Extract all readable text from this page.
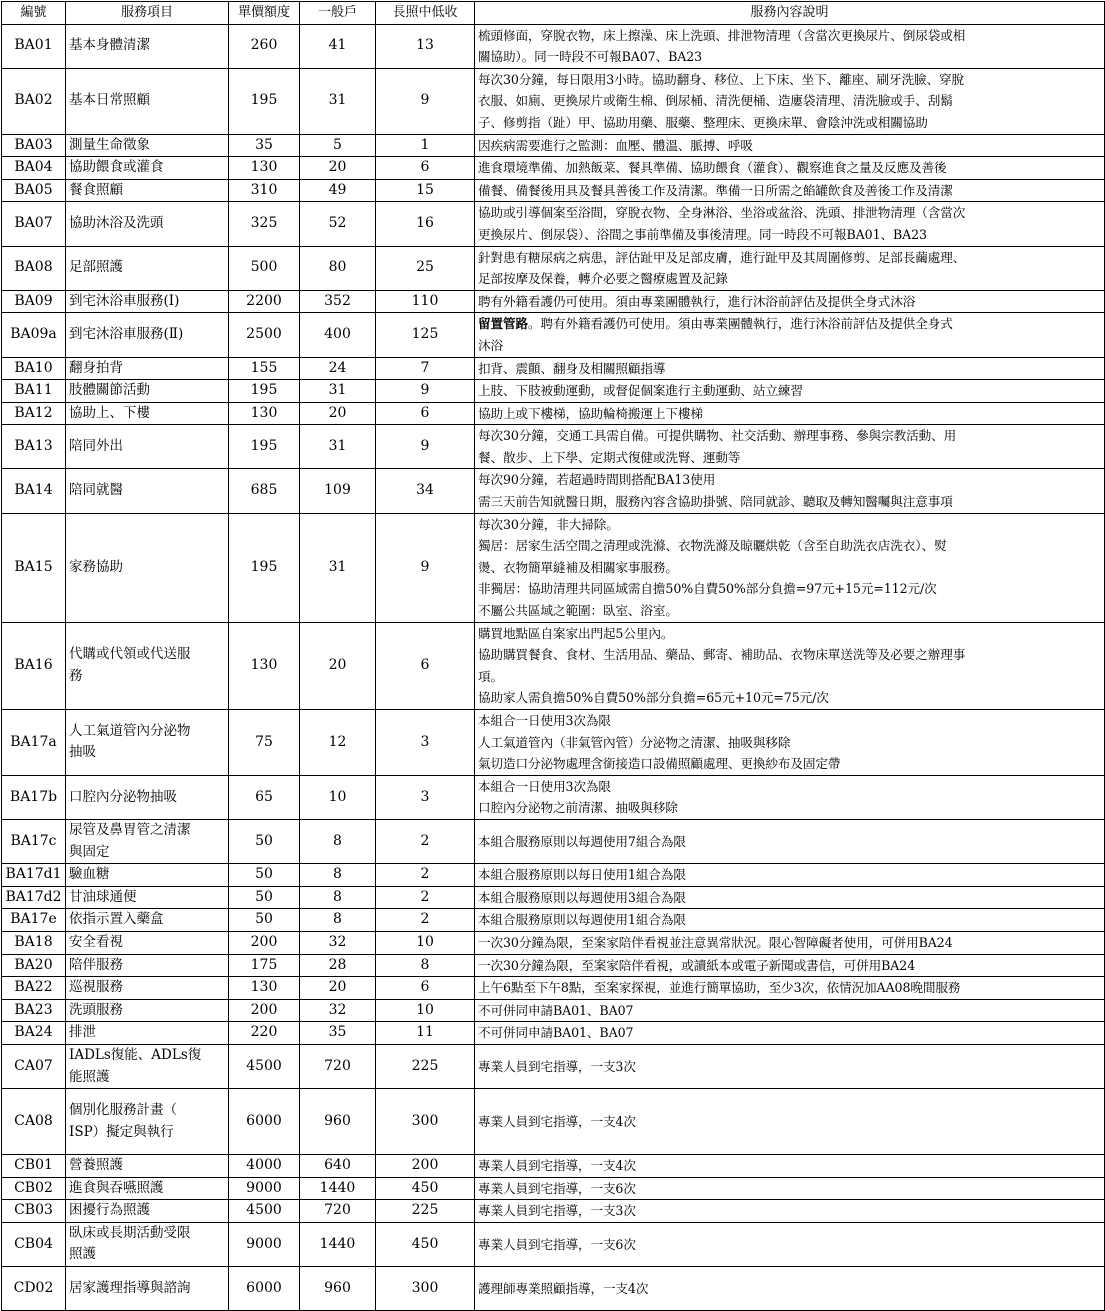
編號	服務項目	單價額度	一般戶	長照中低收	服務內容說明
BA01	基本身體清潔	260	41	13	梳頭修面，穿脫衣物，床上擦澡、床上洗頭、排泄物清理（含當次更換尿片、倒尿袋或相
關協助）。同一時段不可報BA07、BA23

BA02	基本日常照顧	195	31	9	每次30分鐘，每日限用3小時。協助翻身、移位、上下床、坐下、離座、刷牙洗臉、穿脫
衣服、如廁、更換尿片或衛生棉、倒尿桶、清洗便桶、造廔袋清理、清洗臉或手、刮鬍
子、修剪指（趾）甲、協助用藥、服藥、整理床、更換床單、會陰沖洗或相關協助

BA03	測量生命徵象	35	5	1	因疾病需要進行之監測：血壓、體溫、脈搏、呼吸

BA04	協助餵食或灌食	130	20	6	進食環境準備、加熱飯菜、餐具準備、協助餵食（灌食）、觀察進食之量及反應及善後

BA05	餐食照顧	310	49	15	備餐、備餐後用具及餐具善後工作及清潔。準備一日所需之餡罐飲食及善後工作及清潔

BA07	協助沐浴及洗頭	325	52	16	協助或引導個案至浴間，穿脫衣物、全身淋浴、坐浴或盆浴、洗頭、排泄物清理（含當次
更換尿片、倒尿袋）、浴間之事前準備及事後清理。同一時段不可報BA01、BA23

BA08	足部照護	500	80	25	針對患有糖尿病之病患，評估趾甲及足部皮膚，進行趾甲及其周圍修剪、足部長繭處理、
足部按摩及保養，轉介必要之醫療處置及記錄

BA09	到宅沐浴車服務(Ⅰ)	2200	352	110	聘有外籍看護仍可使用。須由專業團體執行，進行沐浴前評估及提供全身式沐浴

BA09a	到宅沐浴車服務(Ⅱ)	2500	400	125	留置管路。聘有外籍看護仍可使用。須由專業團體執行，進行沐浴前評估及提供全身式
沐浴

BA10	翻身拍背	155	24	7	扣背、震顫、翻身及相關照顧指導

BA11	肢體關節活動	195	31	9	上肢、下肢被動運動，或督促個案進行主動運動、站立練習

BA12	協助上、下樓	130	20	6	協助上或下樓梯，協助輪椅搬運上下樓梯

BA13	陪同外出	195	31	9	每次30分鐘，交通工具需自備。可提供購物、社交活動、辦理事務、參與宗教活動、用
餐、散步、上下學、定期式復健或洗腎、運動等

BA14	陪同就醫	685	109	34	每次90分鐘，若超過時間則搭配BA13使用
需三天前告知就醫日期，服務內容含協助掛號、陪同就診、聽取及轉知醫囑與注意事項

BA15	家務協助	195	31	9	每次30分鐘，非大掃除。
獨居：居家生活空間之清理或洗滌、衣物洗滌及晾曬烘乾（含至自助洗衣店洗衣）、熨
燙、衣物簡單縫補及相關家事服務。
非獨居：協助清理共同區域需自擔50%自費50%部分負擔=97元+15元=112元/次
不屬公共區域之範圍：臥室、浴室。

BA16	代購或代領或代送服
務	130	20	6	購買地點區自案家出門起5公里內。
協助購買餐食、食材、生活用品、藥品、郵寄、補助品、衣物床單送洗等及必要之辦理事
項。
協助家人需負擔50%自費50%部分負擔=65元+10元=75元/次

BA17a	人工氣道管內分泌物
抽吸	75	12	3	本組合一日使用3次為限
人工氣道管內（非氣管內管）分泌物之清潔、抽吸與移除
氣切造口分泌物處理含銜接造口設備照顧處理、更換紗布及固定帶

BA17b	口腔內分泌物抽吸	65	10	3	本組合一日使用3次為限
口腔內分泌物之前清潔、抽吸與移除

BA17c	尿管及鼻胃管之清潔
與固定	50	8	2	本組合服務原則以每週使用7組合為限

BA17d1	驗血糖	50	8	2	本組合服務原則以每日使用1組合為限

BA17d2	甘油球通便	50	8	2	本組合服務原則以每週使用3組合為限

BA17e	依指示置入藥盒	50	8	2	本組合服務原則以每週使用1組合為限

BA18	安全看視	200	32	10	一次30分鐘為限，至案家陪伴看視並注意異常狀況。限心智障礙者使用，可併用BA24

BA20	陪伴服務	175	28	8	一次30分鐘為限，至案家陪伴看視，或讀紙本或電子新聞或書信，可併用BA24

BA22	巡視服務	130	20	6	上午6點至下午8點，至案家探視，並進行簡單協助，至少3次，依情況加AA08晚間服務

BA23	洗頭服務	200	32	10	不可併同申請BA01、BA07

BA24	排泄	220	35	11	不可併同申請BA01、BA07

CA07	IADLs復能、ADLs復
能照護	4500	720	225	專業人員到宅指導，一支3次

CA08	個別化服務計畫（
ISP）擬定與執行	6000	960	300	專業人員到宅指導，一支4次

CB01	營養照護	4000	640	200	專業人員到宅指導，一支4次

CB02	進食與吞嚥照護	9000	1440	450	專業人員到宅指導，一支6次

CB03	困擾行為照護	4500	720	225	專業人員到宅指導，一支3次

CB04	臥床或長期活動受限
照護	9000	1440	450	專業人員到宅指導，一支6次

CD02	居家護理指導與諮詢	6000	960	300	護理師專業照顧指導，一支4次
